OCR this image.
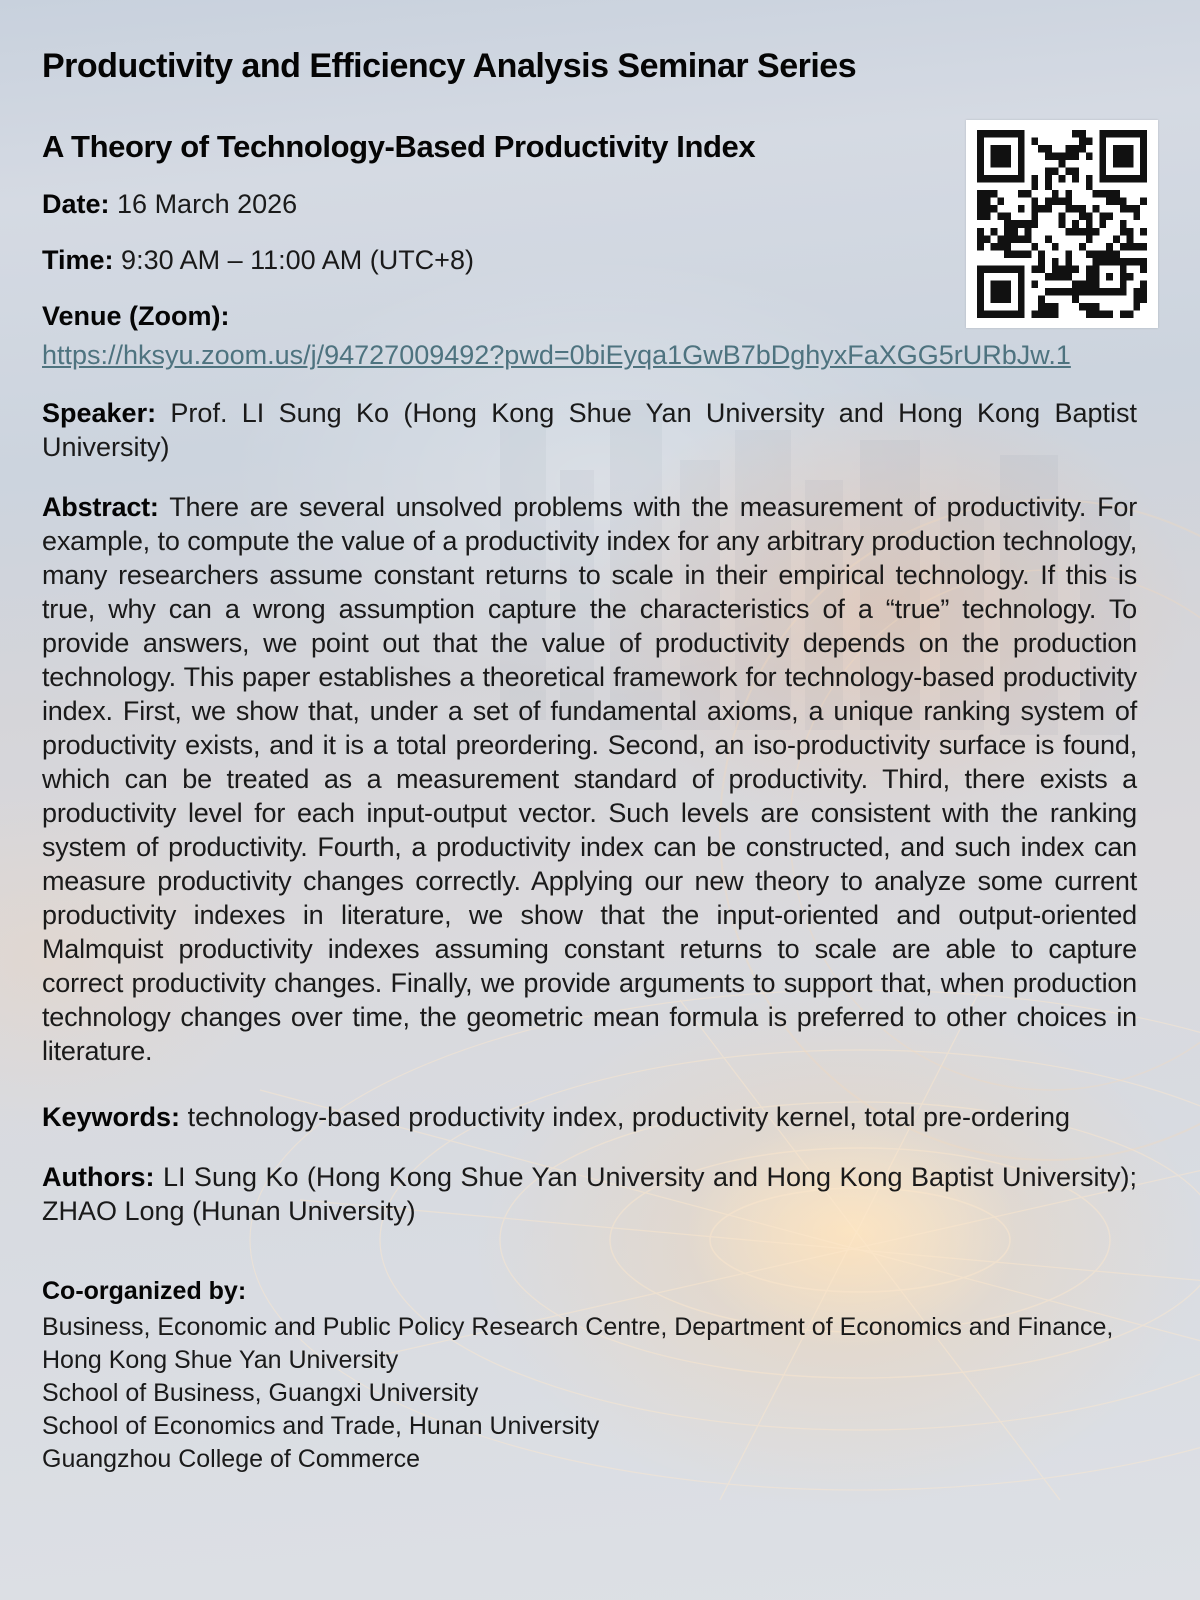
Productivity and Efficiency Analysis Seminar Series
A Theory of Technology-Based Productivity Index
Date: 16 March 2026
Time: 9:30 AM – 11:00 AM (UTC+8)
Venue (Zoom):
https://hksyu.zoom.us/j/94727009492?pwd=0biEyqa1GwB7bDghyxFaXGG5rURbJw.1
Speaker: Prof. LI Sung Ko (Hong Kong Shue Yan University and Hong Kong Baptist University)
Abstract: There are several unsolved problems with the measurement of productivity. For example, to compute the value of a productivity index for any arbitrary production technology, many researchers assume constant returns to scale in their empirical technology. If this is true, why can a wrong assumption capture the characteristics of a “true” technology. To provide answers, we point out that the value of productivity depends on the production technology. This paper establishes a theoretical framework for technology-based productivity index. First, we show that, under a set of fundamental axioms, a unique ranking system of productivity exists, and it is a total preordering. Second, an iso-productivity surface is found, which can be treated as a measurement standard of productivity. Third, there exists a productivity level for each input-output vector. Such levels are consistent with the ranking system of productivity. Fourth, a productivity index can be constructed, and such index can measure productivity changes correctly. Applying our new theory to analyze some current productivity indexes in literature, we show that the input-oriented and output-oriented Malmquist productivity indexes assuming constant returns to scale are able to capture correct productivity changes. Finally, we provide arguments to support that, when production technology changes over time, the geometric mean formula is preferred to other choices in literature.
Keywords: technology-based productivity index, productivity kernel, total pre-ordering
Authors: LI Sung Ko (Hong Kong Shue Yan University and Hong Kong Baptist University); ZHAO Long (Hunan University)
Co-organized by:

Business, Economic and Public Policy Research Centre, Department of Economics and Finance, Hong Kong Shue Yan University

School of Business, Guangxi University

School of Economics and Trade, Hunan University

Guangzhou College of Commerce
